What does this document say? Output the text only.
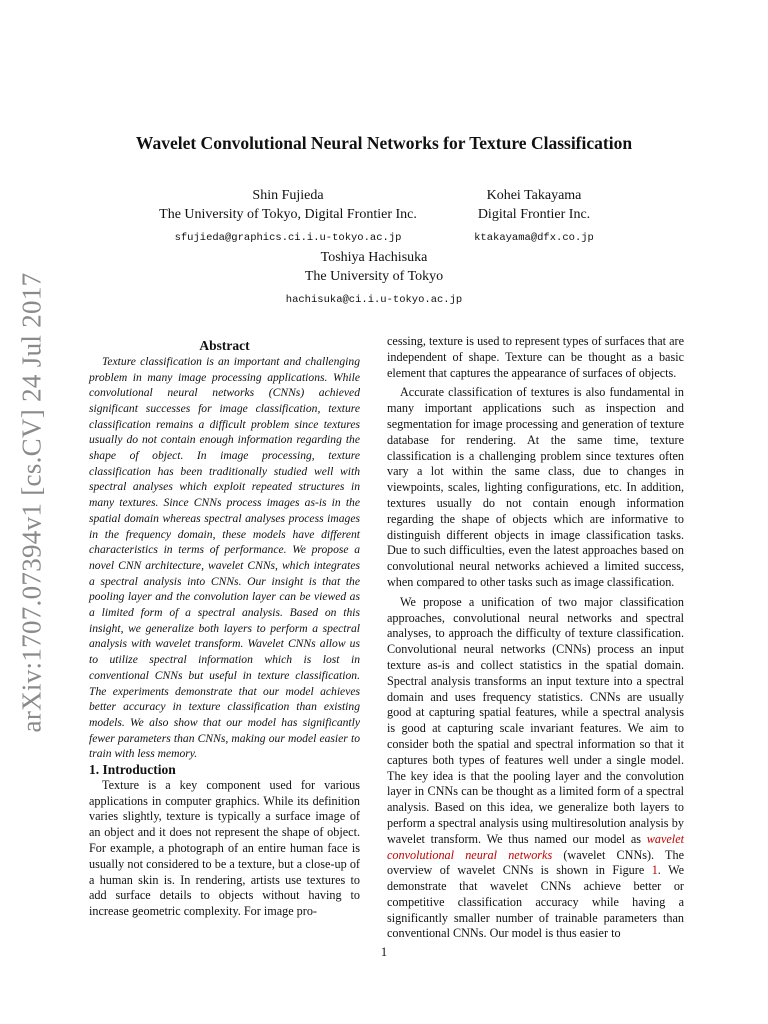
arXiv:1707.07394v1 [cs.CV] 24 Jul 2017
Wavelet Convolutional Neural Networks for Texture Classification
Shin Fujieda
The University of Tokyo, Digital Frontier Inc.
sfujieda@graphics.ci.i.u-tokyo.ac.jp
Kohei Takayama
Digital Frontier Inc.
ktakayama@dfx.co.jp
Toshiya Hachisuka
The University of Tokyo
hachisuka@ci.i.u-tokyo.ac.jp

Abstract

Texture classification is an important and challenging problem in many image processing applications. While convolutional neural networks (CNNs) achieved significant successes for image classification, texture classification remains a difficult problem since textures usually do not contain enough information regarding the shape of object. In image processing, texture classification has been traditionally studied well with spectral analyses which exploit repeated structures in many textures. Since CNNs process images as-is in the spatial domain whereas spectral analyses process images in the frequency domain, these models have different characteristics in terms of performance. We propose a novel CNN architecture, wavelet CNNs, which integrates a spectral analysis into CNNs. Our insight is that the pooling layer and the convolution layer can be viewed as a limited form of a spectral analysis. Based on this insight, we generalize both layers to perform a spectral analysis with wavelet transform. Wavelet CNNs allow us to utilize spectral information which is lost in conventional CNNs but useful in texture classification. The experiments demonstrate that our model achieves better accuracy in texture classification than existing models. We also show that our model has significantly fewer parameters than CNNs, making our model easier to train with less memory.

1. Introduction

Texture is a key component used for various applications in computer graphics. While its definition varies slightly, texture is typically a surface image of an object and it does not represent the shape of object. For example, a photograph of an entire human face is usually not considered to be a texture, but a close-up of a human skin is. In rendering, artists use textures to add surface details to objects without having to increase geometric complexity. For image pro-

cessing, texture is used to represent types of surfaces that are independent of shape. Texture can be thought as a basic element that captures the appearance of surfaces of objects.

Accurate classification of textures is also fundamental in many important applications such as inspection and segmentation for image processing and generation of texture database for rendering. At the same time, texture classification is a challenging problem since textures often vary a lot within the same class, due to changes in viewpoints, scales, lighting configurations, etc. In addition, textures usually do not contain enough information regarding the shape of objects which are informative to distinguish different objects in image classification tasks. Due to such difficulties, even the latest approaches based on convolutional neural networks achieved a limited success, when compared to other tasks such as image classification.

We propose a unification of two major classification approaches, convolutional neural networks and spectral analyses, to approach the difficulty of texture classification. Convolutional neural networks (CNNs) process an input texture as-is and collect statistics in the spatial domain. Spectral analysis transforms an input texture into a spectral domain and uses frequency statistics. CNNs are usually good at capturing spatial features, while a spectral analysis is good at capturing scale invariant features. We aim to consider both the spatial and spectral information so that it captures both types of features well under a single model. The key idea is that the pooling layer and the convolution layer in CNNs can be thought as a limited form of a spectral analysis. Based on this idea, we generalize both layers to perform a spectral analysis using multiresolution analysis by wavelet transform. We thus named our model as wavelet convolutional neural networks (wavelet CNNs). The overview of wavelet CNNs is shown in Figure 1. We demonstrate that wavelet CNNs achieve better or competitive classification accuracy while having a significantly smaller number of trainable parameters than conventional CNNs. Our model is thus easier to

1
